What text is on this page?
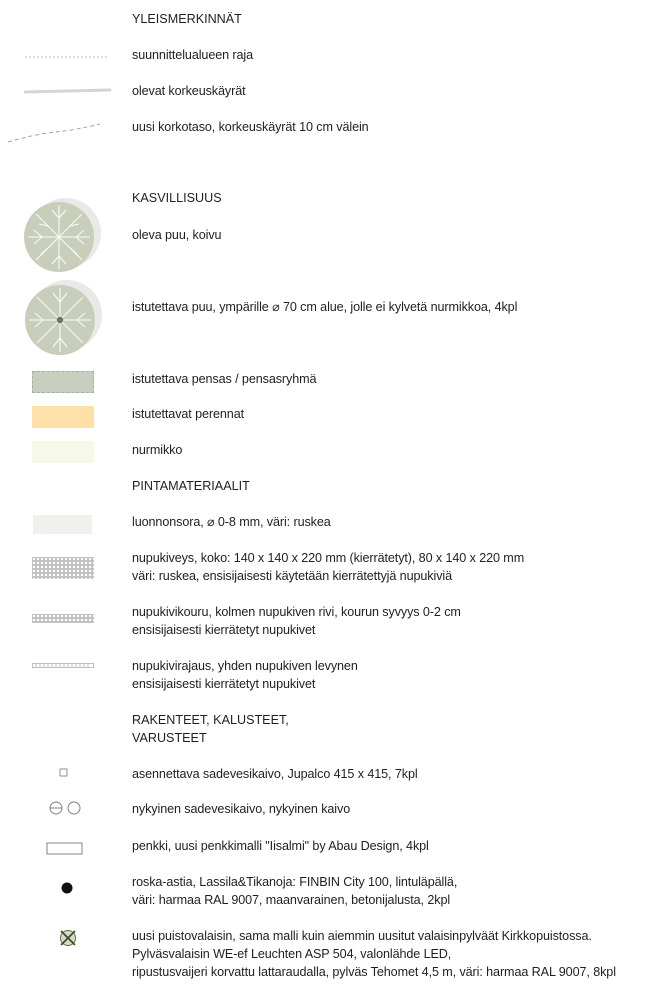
YLEISMERKINNÄT
suunnittelualueen raja
olevat korkeuskäyrät
uusi korkotaso, korkeuskäyrät 10 cm välein
KASVILLISUUS
oleva puu, koivu
istutettava puu, ympärille ⌀ 70 cm alue, jolle ei kylvetä nurmikkoa, 4kpl
istutettava pensas / pensasryhmä
istutettavat perennat
nurmikko
PINTAMATERIAALIT
luonnonsora, ⌀ 0-8 mm, väri: ruskea
nupukiveys, koko: 140 x 140 x 220 mm (kierrätetyt), 80 x 140 x 220 mm
väri: ruskea, ensisijaisesti käytetään kierrätettyjä nupukiviä
nupukivikouru, kolmen nupukiven rivi, kourun syvyys 0-2 cm
ensisijaisesti kierrätetyt nupukivet
nupukivirajaus, yhden nupukiven levynen
ensisijaisesti kierrätetyt nupukivet
RAKENTEET, KALUSTEET,
VARUSTEET
asennettava sadevesikaivo, Jupalco 415 x 415, 7kpl
nykyinen sadevesikaivo, nykyinen kaivo
penkki, uusi penkkimalli "Iisalmi" by Abau Design, 4kpl
roska-astia, Lassila&Tikanoja: FINBIN City 100, lintuläpällä,
väri: harmaa RAL 9007, maanvarainen, betonijalusta, 2kpl
uusi puistovalaisin, sama malli kuin aiemmin uusitut valaisinpylväät Kirkkopuistossa.
Pylväsvalaisin WE-ef Leuchten ASP 504, valonlähde LED,
ripustusvaijeri korvattu lattaraudalla, pylväs Tehomet 4,5 m, väri: harmaa RAL 9007, 8kpl
